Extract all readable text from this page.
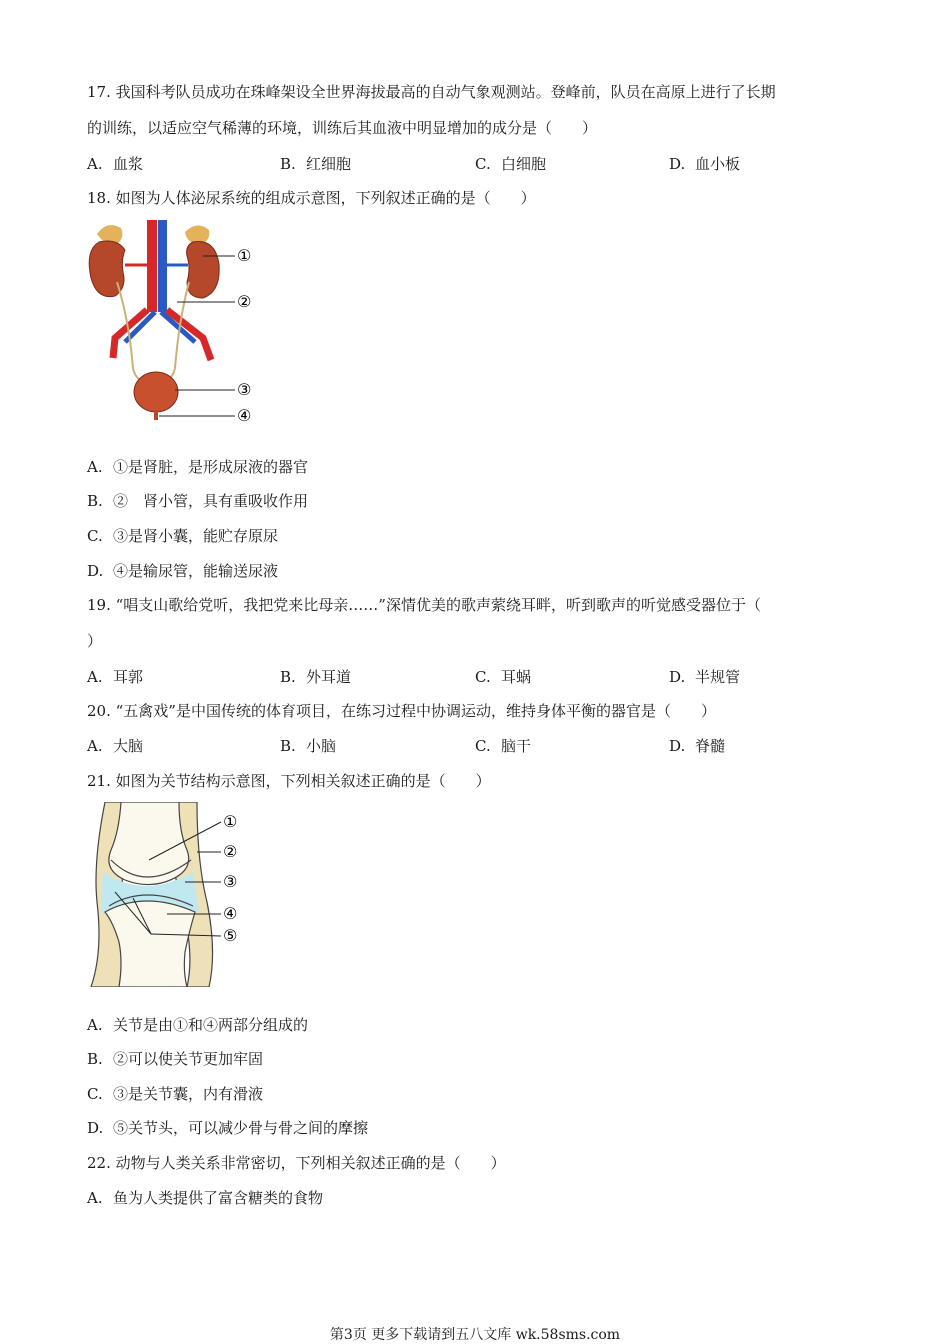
17. 我国科考队员成功在珠峰架设全世界海拔最高的自动气象观测站。登峰前，队员在高原上进行了长期
的训练，以适应空气稀薄的环境，训练后其血液中明显增加的成分是（　　）
A. 血浆	B. 红细胞	C. 白细胞	D. 血小板
18. 如图为人体泌尿系统的组成示意图，下列叙述正确的是（　　）
①
②
③
④
A. ①是肾脏，是形成尿液的器官
B. ②　肾小管，具有重吸收作用
C. ③是肾小囊，能贮存原尿
D. ④是输尿管，能输送尿液
19. “唱支山歌给党听，我把党来比母亲……”深情优美的歌声萦绕耳畔，听到歌声的听觉感受器位于（
）
A. 耳郭	B. 外耳道	C. 耳蜗	D. 半规管
20. “五禽戏”是中国传统的体育项目，在练习过程中协调运动，维持身体平衡的器官是（　　）
A. 大脑	B. 小脑	C. 脑干	D. 脊髓
21. 如图为关节结构示意图，下列相关叙述正确的是（　　）
①
②
③
④
⑤
A. 关节是由①和④两部分组成的
B. ②可以使关节更加牢固
C. ③是关节囊，内有滑液
D. ⑤关节头，可以减少骨与骨之间的摩擦
22. 动物与人类关系非常密切，下列相关叙述正确的是（　　）
A. 鱼为人类提供了富含糖类的食物
第3页 更多下载请到五八文库 wk.58sms.com
